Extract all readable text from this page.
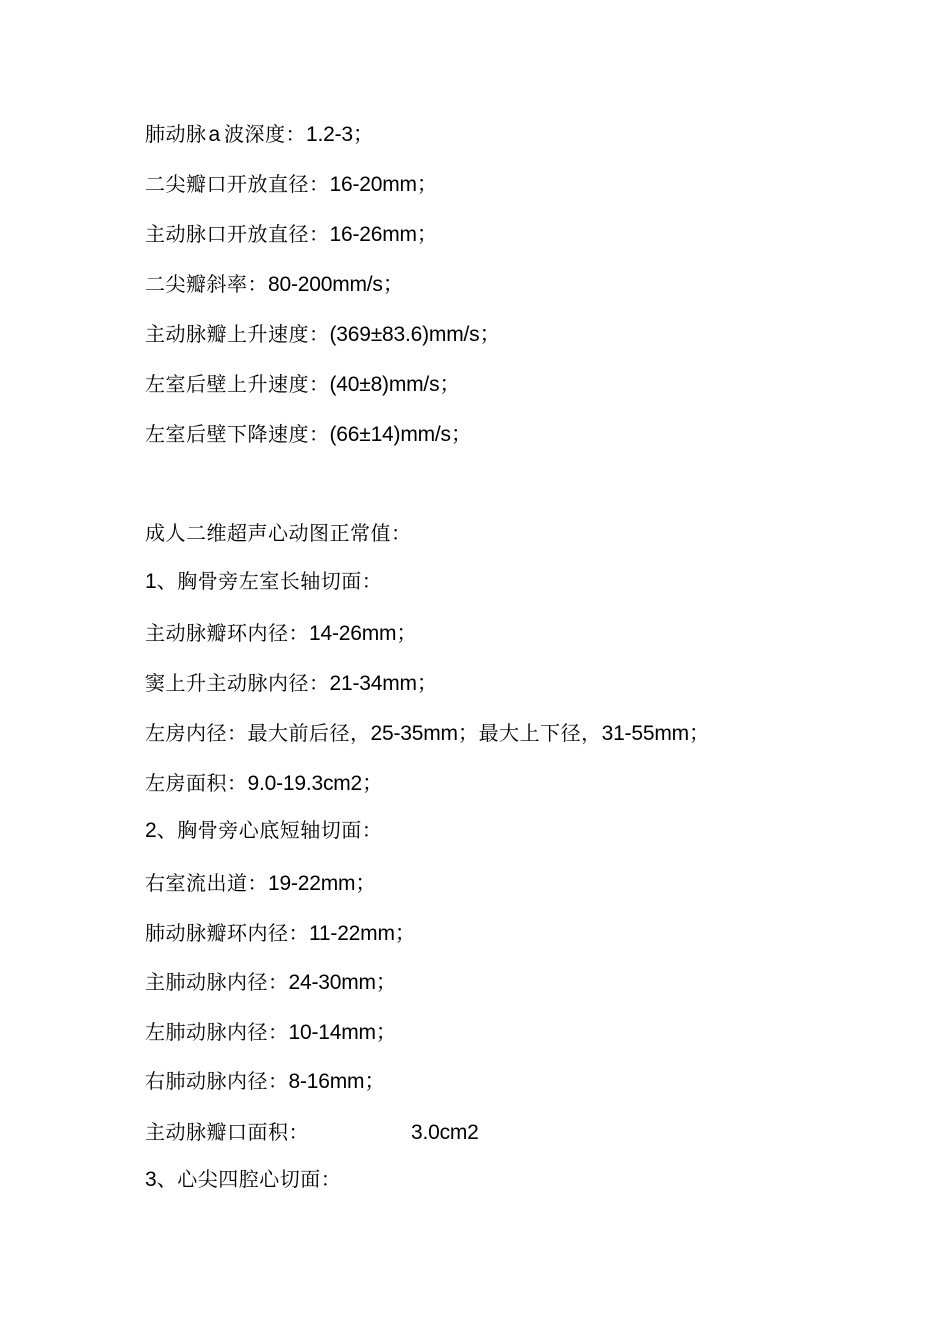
肺动脉a 波深度：1.2-3；
二尖瓣口开放直径：16-20mm；
主动脉口开放直径：16-26mm；
二尖瓣斜率：80-200mm/s；
主动脉瓣上升速度：(369±83.6)mm/s；
左室后壁上升速度：(40±8)mm/s；
左室后壁下降速度：(66±14)mm/s；
成人二维超声心动图正常值：
1、胸骨旁左室长轴切面：
主动脉瓣环内径：14-26mm；
窦上升主动脉内径：21-34mm；
左房内径：最大前后径，25-35mm；最大上下径，31-55mm；
左房面积：9.0-19.3cm2；
2、胸骨旁心底短轴切面：
右室流出道：19-22mm；
肺动脉瓣环内径：11-22mm；
主肺动脉内径：24-30mm；
左肺动脉内径：10-14mm；
右肺动脉内径：8-16mm；
主动脉瓣口面积：	3.0cm2
3、心尖四腔心切面：
